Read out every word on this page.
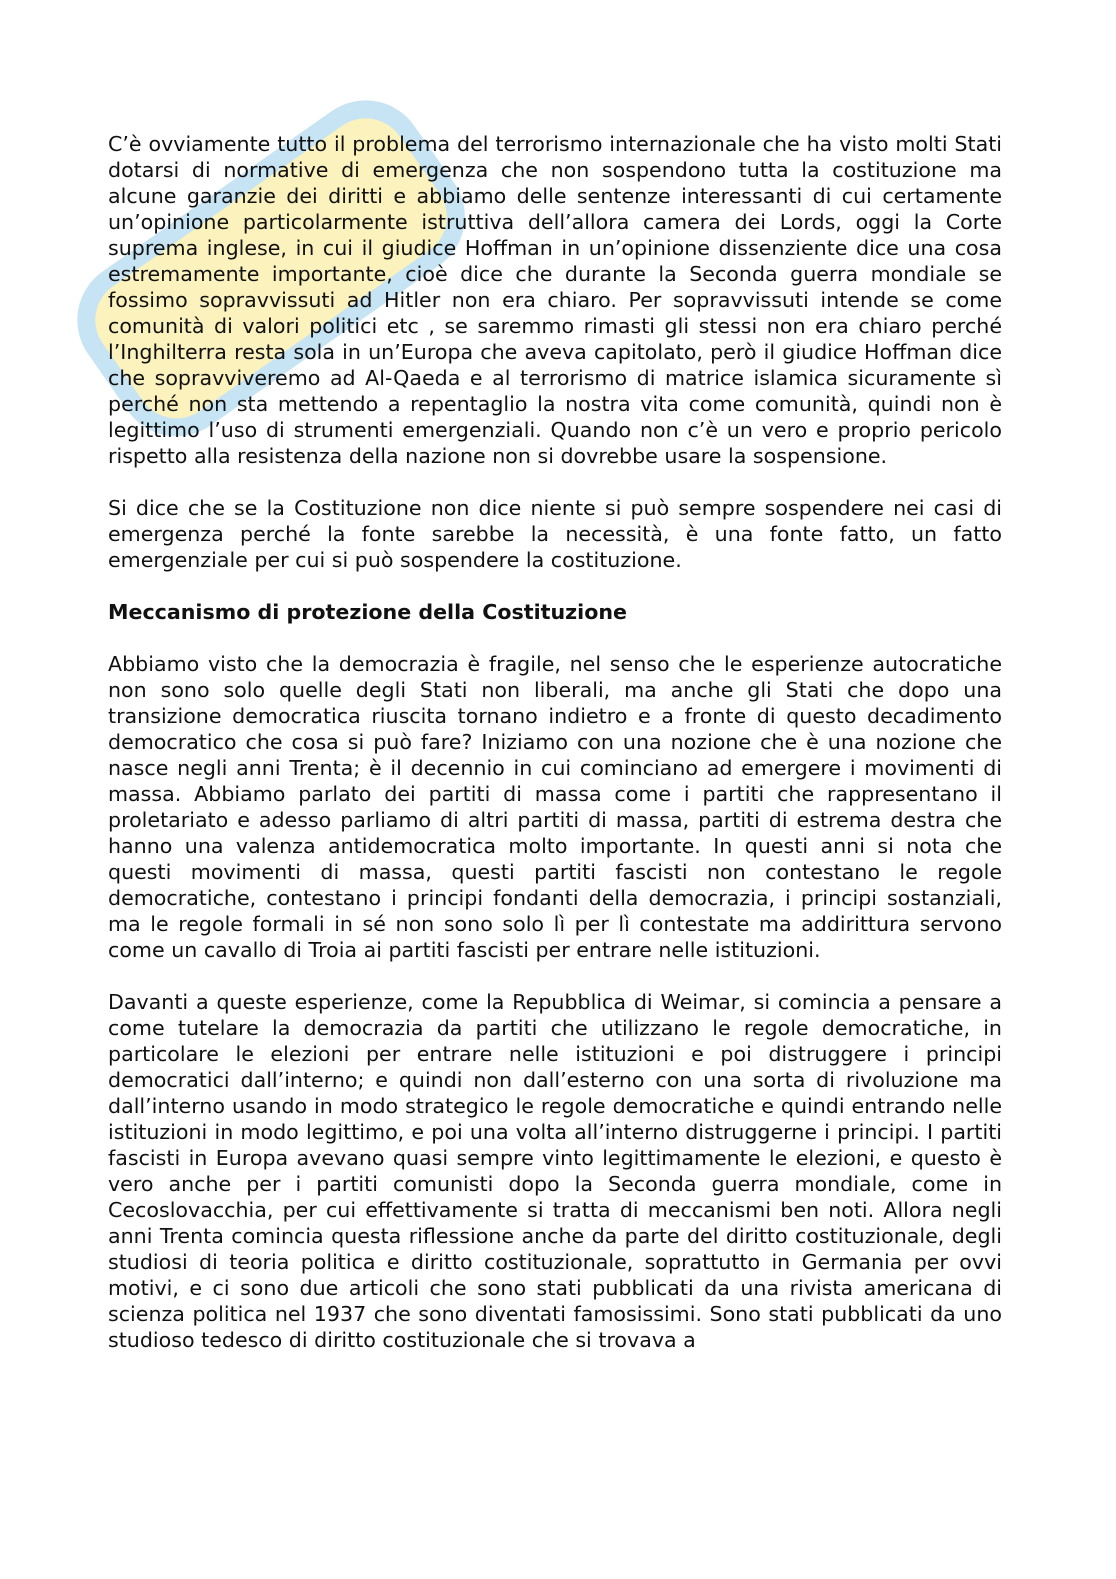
C’è ovviamente tutto il problema del terrorismo internazionale che ha visto molti Stati dotarsi di normative di emergenza che non sospendono tutta la costituzione ma alcune garanzie dei diritti e abbiamo delle sentenze interessanti di cui certamente un’opinione particolarmente istruttiva dell’allora camera dei Lords, oggi la Corte suprema inglese, in cui il giudice Hoffman in un’opinione dissenziente dice una cosa estremamente importante, cioè dice che durante la Seconda guerra mondiale se fossimo sopravvissuti ad Hitler non era chiaro. Per sopravvissuti intende se come comunità di valori politici etc , se saremmo rimasti gli stessi non era chiaro perché l’Inghilterra resta sola in un’Europa che aveva capitolato, però il giudice Hoffman dice che sopravviveremo ad Al-Qaeda e al terrorismo di matrice islamica sicuramente sì perché non sta mettendo a repentaglio la nostra vita come comunità, quindi non è legittimo l’uso di strumenti emergenziali. Quando non c’è un vero e proprio pericolo rispetto alla resistenza della nazione non si dovrebbe usare la sospensione.

Si dice che se la Costituzione non dice niente si può sempre sospendere nei casi di emergenza perché la fonte sarebbe la necessità, è una fonte fatto, un fatto emergenziale per cui si può sospendere la costituzione.

Meccanismo di protezione della Costituzione

Abbiamo visto che la democrazia è fragile, nel senso che le esperienze autocratiche non sono solo quelle degli Stati non liberali, ma anche gli Stati che dopo una transizione democratica riuscita tornano indietro e a fronte di questo decadimento democratico che cosa si può fare? Iniziamo con una nozione che è una nozione che nasce negli anni Trenta; è il decennio in cui cominciano ad emergere i movimenti di massa. Abbiamo parlato dei partiti di massa come i partiti che rappresentano il proletariato e adesso parliamo di altri partiti di massa, partiti di estrema destra che hanno una valenza antidemocratica molto importante. In questi anni si nota che questi movimenti di massa, questi partiti fascisti non contestano le regole democratiche, contestano i principi fondanti della democrazia, i principi sostanziali, ma le regole formali in sé non sono solo lì per lì contestate ma addirittura servono come un cavallo di Troia ai partiti fascisti per entrare nelle istituzioni.

Davanti a queste esperienze, come la Repubblica di Weimar, si comincia a pensare a come tutelare la democrazia da partiti che utilizzano le regole democratiche, in particolare le elezioni per entrare nelle istituzioni e poi distruggere i principi democratici dall’interno; e quindi non dall’esterno con una sorta di rivoluzione ma dall’interno usando in modo strategico le regole democratiche e quindi entrando nelle istituzioni in modo legittimo, e poi una volta all’interno distruggerne i principi. I partiti fascisti in Europa avevano quasi sempre vinto legittimamente le elezioni, e questo è vero anche per i partiti comunisti dopo la Seconda guerra mondiale, come in Cecoslovacchia, per cui effettivamente si tratta di meccanismi ben noti. Allora negli anni Trenta comincia questa riflessione anche da parte del diritto costituzionale, degli studiosi di teoria politica e diritto costituzionale, soprattutto in Germania per ovvi motivi, e ci sono due articoli che sono stati pubblicati da una rivista americana di scienza politica nel 1937 che sono diventati famosissimi. Sono stati pubblicati da uno studioso tedesco di diritto costituzionale che si trovava a
